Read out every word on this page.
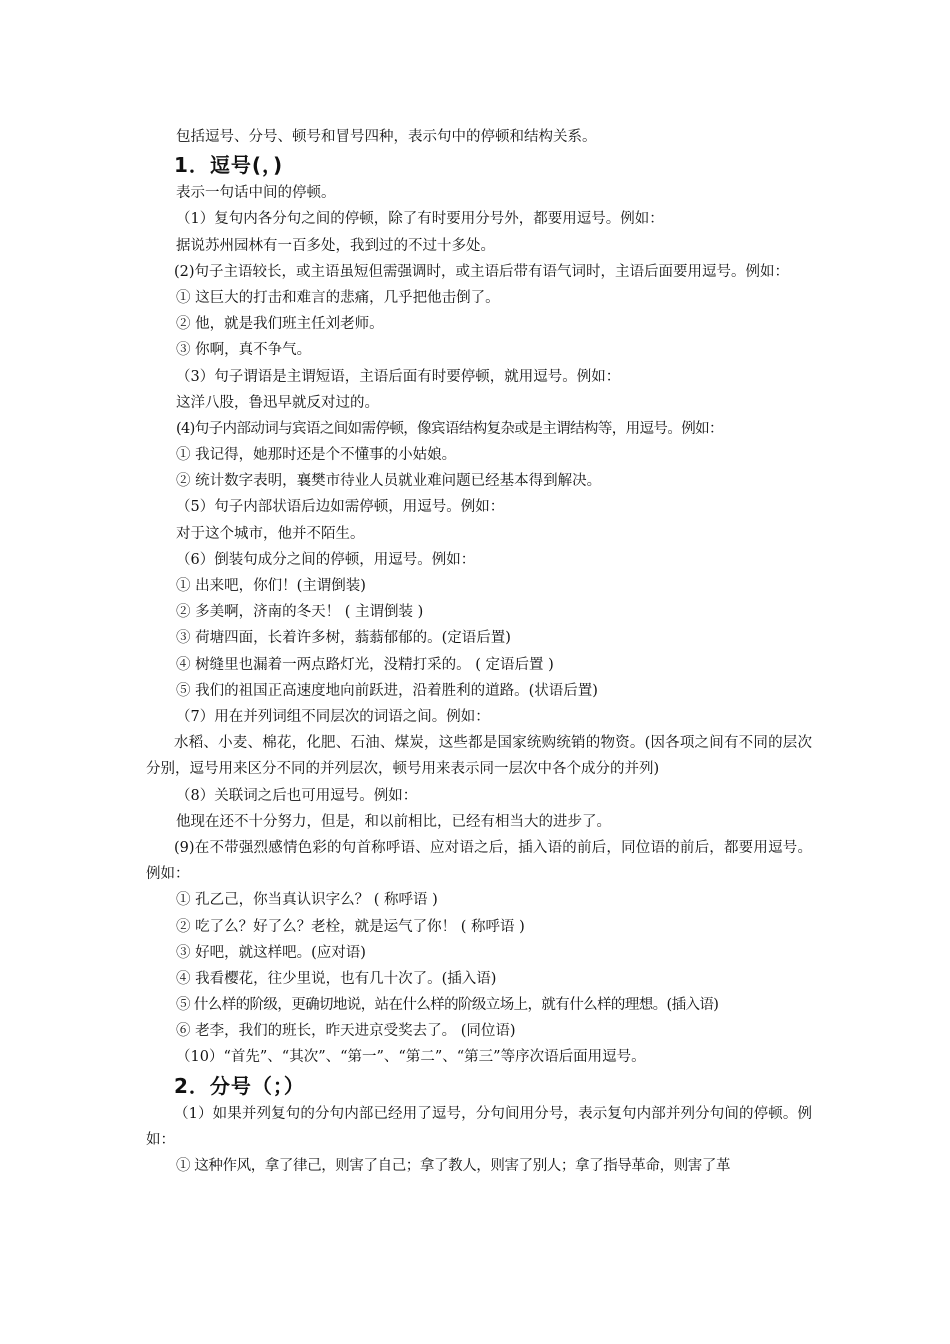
包括逗号、分号、顿号和冒号四种，表示句中的停顿和结构关系。
1．逗号(，)
表示一句话中间的停顿。
（1）复句内各分句之间的停顿，除了有时要用分号外，都要用逗号。例如：
据说苏州园林有一百多处，我到过的不过十多处。
(2)句子主语较长，或主语虽短但需强调时，或主语后带有语气词时，主语后面要用逗号。例如：
① 这巨大的打击和难言的悲痛，几乎把他击倒了。
② 他，就是我们班主任刘老师。
③ 你啊，真不争气。
（3）句子谓语是主谓短语，主语后面有时要停顿，就用逗号。例如：
这洋八股，鲁迅早就反对过的。
(4)句子内部动词与宾语之间如需停顿，像宾语结构复杂或是主谓结构等，用逗号。例如：
① 我记得，她那时还是个不懂事的小姑娘。
② 统计数字表明，襄樊市待业人员就业难问题已经基本得到解决。
（5）句子内部状语后边如需停顿，用逗号。例如：
对于这个城市，他并不陌生。
（6）倒装句成分之间的停顿，用逗号。例如：
① 出来吧，你们！(主谓倒装)
② 多美啊，济南的冬天！ ( 主谓倒装 )
③ 荷塘四面，长着许多树，蓊蓊郁郁的。(定语后置)
④ 树缝里也漏着一两点路灯光，没精打采的。 ( 定语后置 )
⑤ 我们的祖国正高速度地向前跃进，沿着胜利的道路。(状语后置)
（7）用在并列词组不同层次的词语之间。例如：
水稻、小麦、棉花，化肥、石油、煤炭，这些都是国家统购统销的物资。(因各项之间有不同的层次分别，逗号用来区分不同的并列层次，顿号用来表示同一层次中各个成分的并列)
（8）关联词之后也可用逗号。例如：
他现在还不十分努力，但是，和以前相比，已经有相当大的进步了。
(9)在不带强烈感情色彩的句首称呼语、应对语之后，插入语的前后，同位语的前后，都要用逗号。例如：
① 孔乙己，你当真认识字么？ ( 称呼语 )
② 吃了么？好了么？老栓，就是运气了你！ ( 称呼语 )
③ 好吧，就这样吧。(应对语)
④ 我看樱花，往少里说，也有几十次了。(插入语)
⑤ 什么样的阶级，更确切地说，站在什么样的阶级立场上，就有什么样的理想。(插入语)
⑥ 老李，我们的班长，昨天进京受奖去了。 (同位语)
（10）“首先”、“其次”、“第一”、“第二”、“第三”等序次语后面用逗号。
2．分号（；）
（1）如果并列复句的分句内部已经用了逗号，分句间用分号，表示复句内部并列分句间的停顿。例如：
① 这种作风，拿了律己，则害了自己；拿了教人，则害了别人；拿了指导革命，则害了革
